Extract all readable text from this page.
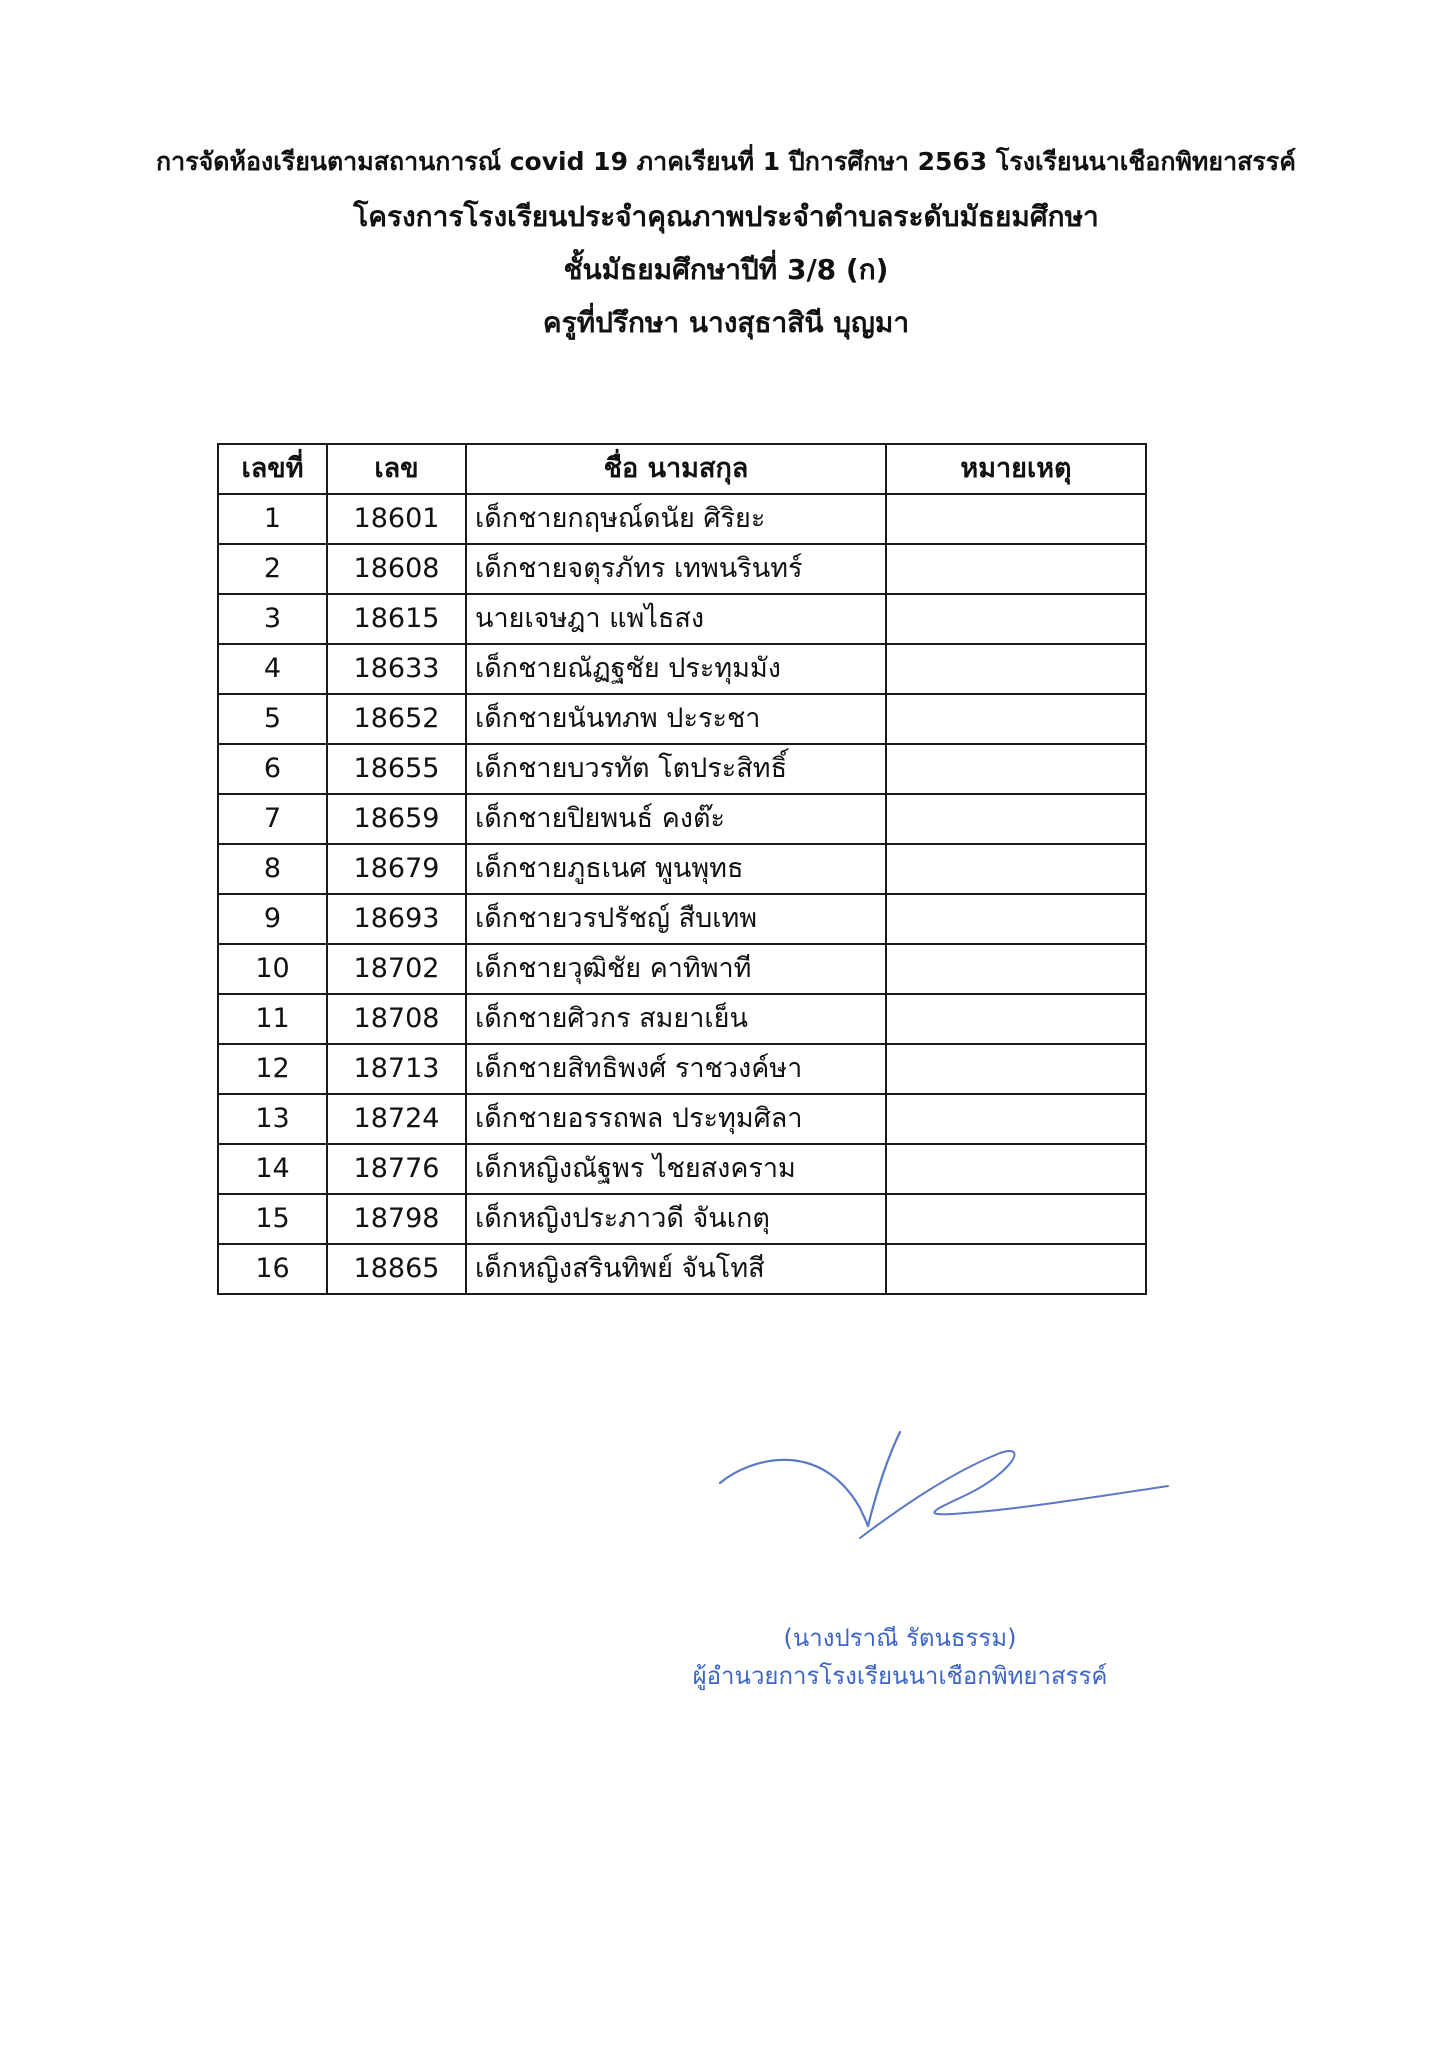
การจัดห้องเรียนตามสถานการณ์ covid 19 ภาคเรียนที่ 1 ปีการศึกษา 2563 โรงเรียนนาเชือกพิทยาสรรค์
โครงการโรงเรียนประจำคุณภาพประจำตำบลระดับมัธยมศึกษา
ชั้นมัธยมศึกษาปีที่ 3/8 (ก)
ครูที่ปรึกษา นางสุธาสินี บุญมา
เลขที่	เลข	ชื่อ นามสกุล	หมายเหตุ
1	18601	เด็กชายกฤษณ์ดนัย ศิริยะ	
2	18608	เด็กชายจตุรภัทร เทพนรินทร์	
3	18615	นายเจษฎา แพไธสง	
4	18633	เด็กชายณัฏฐชัย ประทุมมัง	
5	18652	เด็กชายนันทภพ ปะระชา	
6	18655	เด็กชายบวรทัต โตประสิทธิ์	
7	18659	เด็กชายปิยพนธ์ คงต๊ะ	
8	18679	เด็กชายภูธเนศ พูนพุทธ	
9	18693	เด็กชายวรปรัชญ์ สืบเทพ	
10	18702	เด็กชายวุฒิชัย คาทิพาที	
11	18708	เด็กชายศิวกร สมยาเย็น	
12	18713	เด็กชายสิทธิพงศ์ ราชวงค์ษา	
13	18724	เด็กชายอรรถพล ประทุมศิลา	
14	18776	เด็กหญิงณัฐพร ไชยสงคราม	
15	18798	เด็กหญิงประภาวดี จันเกตุ	
16	18865	เด็กหญิงสรินทิพย์ จันโทสี	
(นางปราณี รัตนธรรม)
ผู้อำนวยการโรงเรียนนาเชือกพิทยาสรรค์
